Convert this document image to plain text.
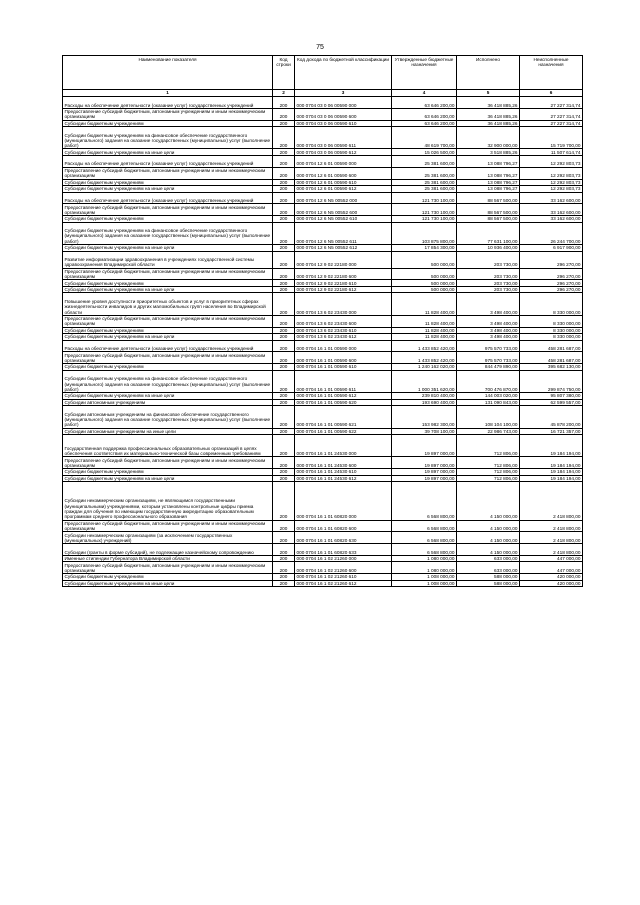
75
Наименование показателя	Код строки	Код дохода по бюджетной классификации	Утвержденные бюджетные назначения	Исполнено	Неисполненные назначения
1	2	3	4	5	6
Расходы на обеспечение деятельности (оказание услуг) государственных учреждений	200	000 0704 03 0 06 00590 000	63 646 200,00	36 418 885,26	27 227 314,74
Предоставление субсидий бюджетным, автономным учреждениям и иным некоммерческим организациям	200	000 0704 03 0 06 00590 600	63 646 200,00	36 418 885,26	27 227 314,74
Субсидии бюджетным учреждениям	200	000 0704 03 0 06 00590 610	63 646 200,00	36 418 885,26	27 227 314,74
Субсидии бюджетным учреждениям на финансовое обеспечение государственного (муниципального) задания на оказание государственных (муниципальных) услуг (выполнение работ)	200	000 0704 03 0 06 00590 611	48 619 700,00	32 900 000,00	15 719 700,00
Субсидии бюджетным учреждениям на иные цели	200	000 0704 03 0 06 00590 612	15 026 500,00	3 518 885,26	11 507 614,74
Расходы на обеспечение деятельности (оказание услуг) государственных учреждений	200	000 0704 12 6 01 00590 000	25 381 600,00	13 088 796,27	12 292 803,73
Предоставление субсидий бюджетным, автономным учреждениям и иным некоммерческим организациям	200	000 0704 12 6 01 00590 600	25 381 600,00	13 088 796,27	12 292 803,73
Субсидии бюджетным учреждениям	200	000 0704 12 6 01 00590 610	25 381 600,00	13 088 796,27	12 292 803,73
Субсидии бюджетным учреждениям на иные цели	200	000 0704 12 6 01 00590 612	25 381 600,00	13 088 796,27	12 292 803,73
Расходы на обеспечение деятельности (оказание услуг) государственных учреждений	200	000 0704 12 6 N5 00552 000	121 730 100,00	88 567 500,00	33 162 600,00
Предоставление субсидий бюджетным, автономным учреждениям и иным некоммерческим организациям	200	000 0704 12 6 N5 00552 600	121 730 100,00	88 567 500,00	33 162 600,00
Субсидии бюджетным учреждениям	200	000 0704 12 6 N5 00552 610	121 730 100,00	88 567 500,00	33 162 600,00
Субсидии бюджетным учреждениям на финансовое обеспечение государственного (муниципального) задания на оказание государственных (муниципальных) услуг (выполнение работ)	200	000 0704 12 6 N5 00552 611	103 875 800,00	77 631 100,00	26 244 700,00
Субсидии бюджетным учреждениям на иные цели	200	000 0704 12 6 N5 00552 612	17 854 300,00	10 936 400,00	6 917 900,00
Развитие информатизации здравоохранения в учреждениях государственной системы здравоохранения Владимирской области	200	000 0704 12 9 02 22180 000	500 000,00	203 730,00	296 270,00
Предоставление субсидий бюджетным, автономным учреждениям и иным некоммерческим организациям	200	000 0704 12 9 02 22180 600	500 000,00	203 730,00	296 270,00
Субсидии бюджетным учреждениям	200	000 0704 12 9 02 22180 610	500 000,00	203 730,00	296 270,00
Субсидии бюджетным учреждениям на иные цели	200	000 0704 12 9 02 22180 612	500 000,00	203 730,00	296 270,00
Повышение уровня доступности приоритетных объектов и услуг в приоритетных сферах жизнедеятельности инвалидов и других маломобильных групп населения во Владимирской области	200	000 0704 13 6 02 23430 000	11 828 400,00	3 498 400,00	8 330 000,00
Предоставление субсидий бюджетным, автономным учреждениям и иным некоммерческим организациям	200	000 0704 13 6 02 23430 600	11 828 400,00	3 498 400,00	8 330 000,00
Субсидии бюджетным учреждениям	200	000 0704 13 6 02 23430 610	11 828 400,00	3 498 400,00	8 330 000,00
Субсидии бюджетным учреждениям на иные цели	200	000 0704 13 6 02 23430 612	11 828 400,00	3 498 400,00	8 330 000,00
Расходы на обеспечение деятельности (оказание услуг) государственных учреждений	200	000 0704 16 1 01 00590 000	1 433 852 420,00	975 570 733,00	458 281 687,00
Предоставление субсидий бюджетным, автономным учреждениям и иным некоммерческим организациям	200	000 0704 16 1 01 00590 600	1 433 852 420,00	975 570 733,00	458 281 687,00
Субсидии бюджетным учреждениям	200	000 0704 16 1 01 00590 610	1 240 162 020,00	844 479 890,00	395 682 130,00
Субсидии бюджетным учреждениям на финансовое обеспечение государственного (муниципального) задания на оказание государственных (муниципальных) услуг (выполнение работ)	200	000 0704 16 1 01 00590 611	1 000 351 620,00	700 476 870,00	299 874 750,00
Субсидии бюджетным учреждениям на иные цели	200	000 0704 16 1 01 00590 612	239 810 400,00	144 003 020,00	95 807 380,00
Субсидии автономным учреждениям	200	000 0704 16 1 01 00590 620	193 690 400,00	131 090 843,00	62 599 557,00
Субсидии автономным учреждениям на финансовое обеспечение государственного (муниципального) задания на оказание государственных (муниципальных) услуг (выполнение работ)	200	000 0704 16 1 01 00590 621	153 982 300,00	108 104 100,00	45 878 200,00
Субсидии автономным учреждениям на иные цели	200	000 0704 16 1 01 00590 622	39 708 100,00	22 986 743,00	16 721 357,00
Государственная поддержка профессиональных образовательных организаций в целях обеспечения соответствия их материально-технической базы современным требованиям	200	000 0704 16 1 01 24530 000	19 897 000,00	712 806,00	19 184 194,00
Предоставление субсидий бюджетным, автономным учреждениям и иным некоммерческим организациям	200	000 0704 16 1 01 24530 600	19 897 000,00	712 806,00	19 184 194,00
Субсидии бюджетным учреждениям	200	000 0704 16 1 01 24530 610	19 897 000,00	712 806,00	19 184 194,00
Субсидии бюджетным учреждениям на иные цели	200	000 0704 16 1 01 24530 612	19 897 000,00	712 806,00	19 184 194,00
Субсидии некоммерческим организациям, не являющимся государственными (муниципальными) учреждениями, которым установлены контрольные цифры приема граждан для обучения по имеющим государственную аккредитацию образовательным программам среднего профессионального образования	200	000 0704 16 1 01 60820 000	6 568 800,00	4 150 000,00	2 418 800,00
Предоставление субсидий бюджетным, автономным учреждениям и иным некоммерческим организациям	200	000 0704 16 1 01 60820 600	6 568 800,00	4 150 000,00	2 418 800,00
Субсидии некоммерческим организациям (за исключением государственных (муниципальных) учреждений)	200	000 0704 16 1 01 60820 630	6 568 800,00	4 150 000,00	2 418 800,00
Субсидии (гранты в форме субсидий), не подлежащие казначейскому сопровождению	200	000 0704 16 1 01 60820 633	6 568 800,00	4 150 000,00	2 418 800,00
Именные стипендии Губернатора Владимирской области	200	000 0704 16 1 02 21260 000	1 080 000,00	633 000,00	447 000,00
Предоставление субсидий бюджетным, автономным учреждениям и иным некоммерческим организациям	200	000 0704 16 1 02 21260 600	1 080 000,00	633 000,00	447 000,00
Субсидии бюджетным учреждениям	200	000 0704 16 1 02 21260 610	1 008 000,00	588 000,00	420 000,00
Субсидии бюджетным учреждениям на иные цели	200	000 0704 16 1 02 21260 612	1 008 000,00	588 000,00	420 000,00
